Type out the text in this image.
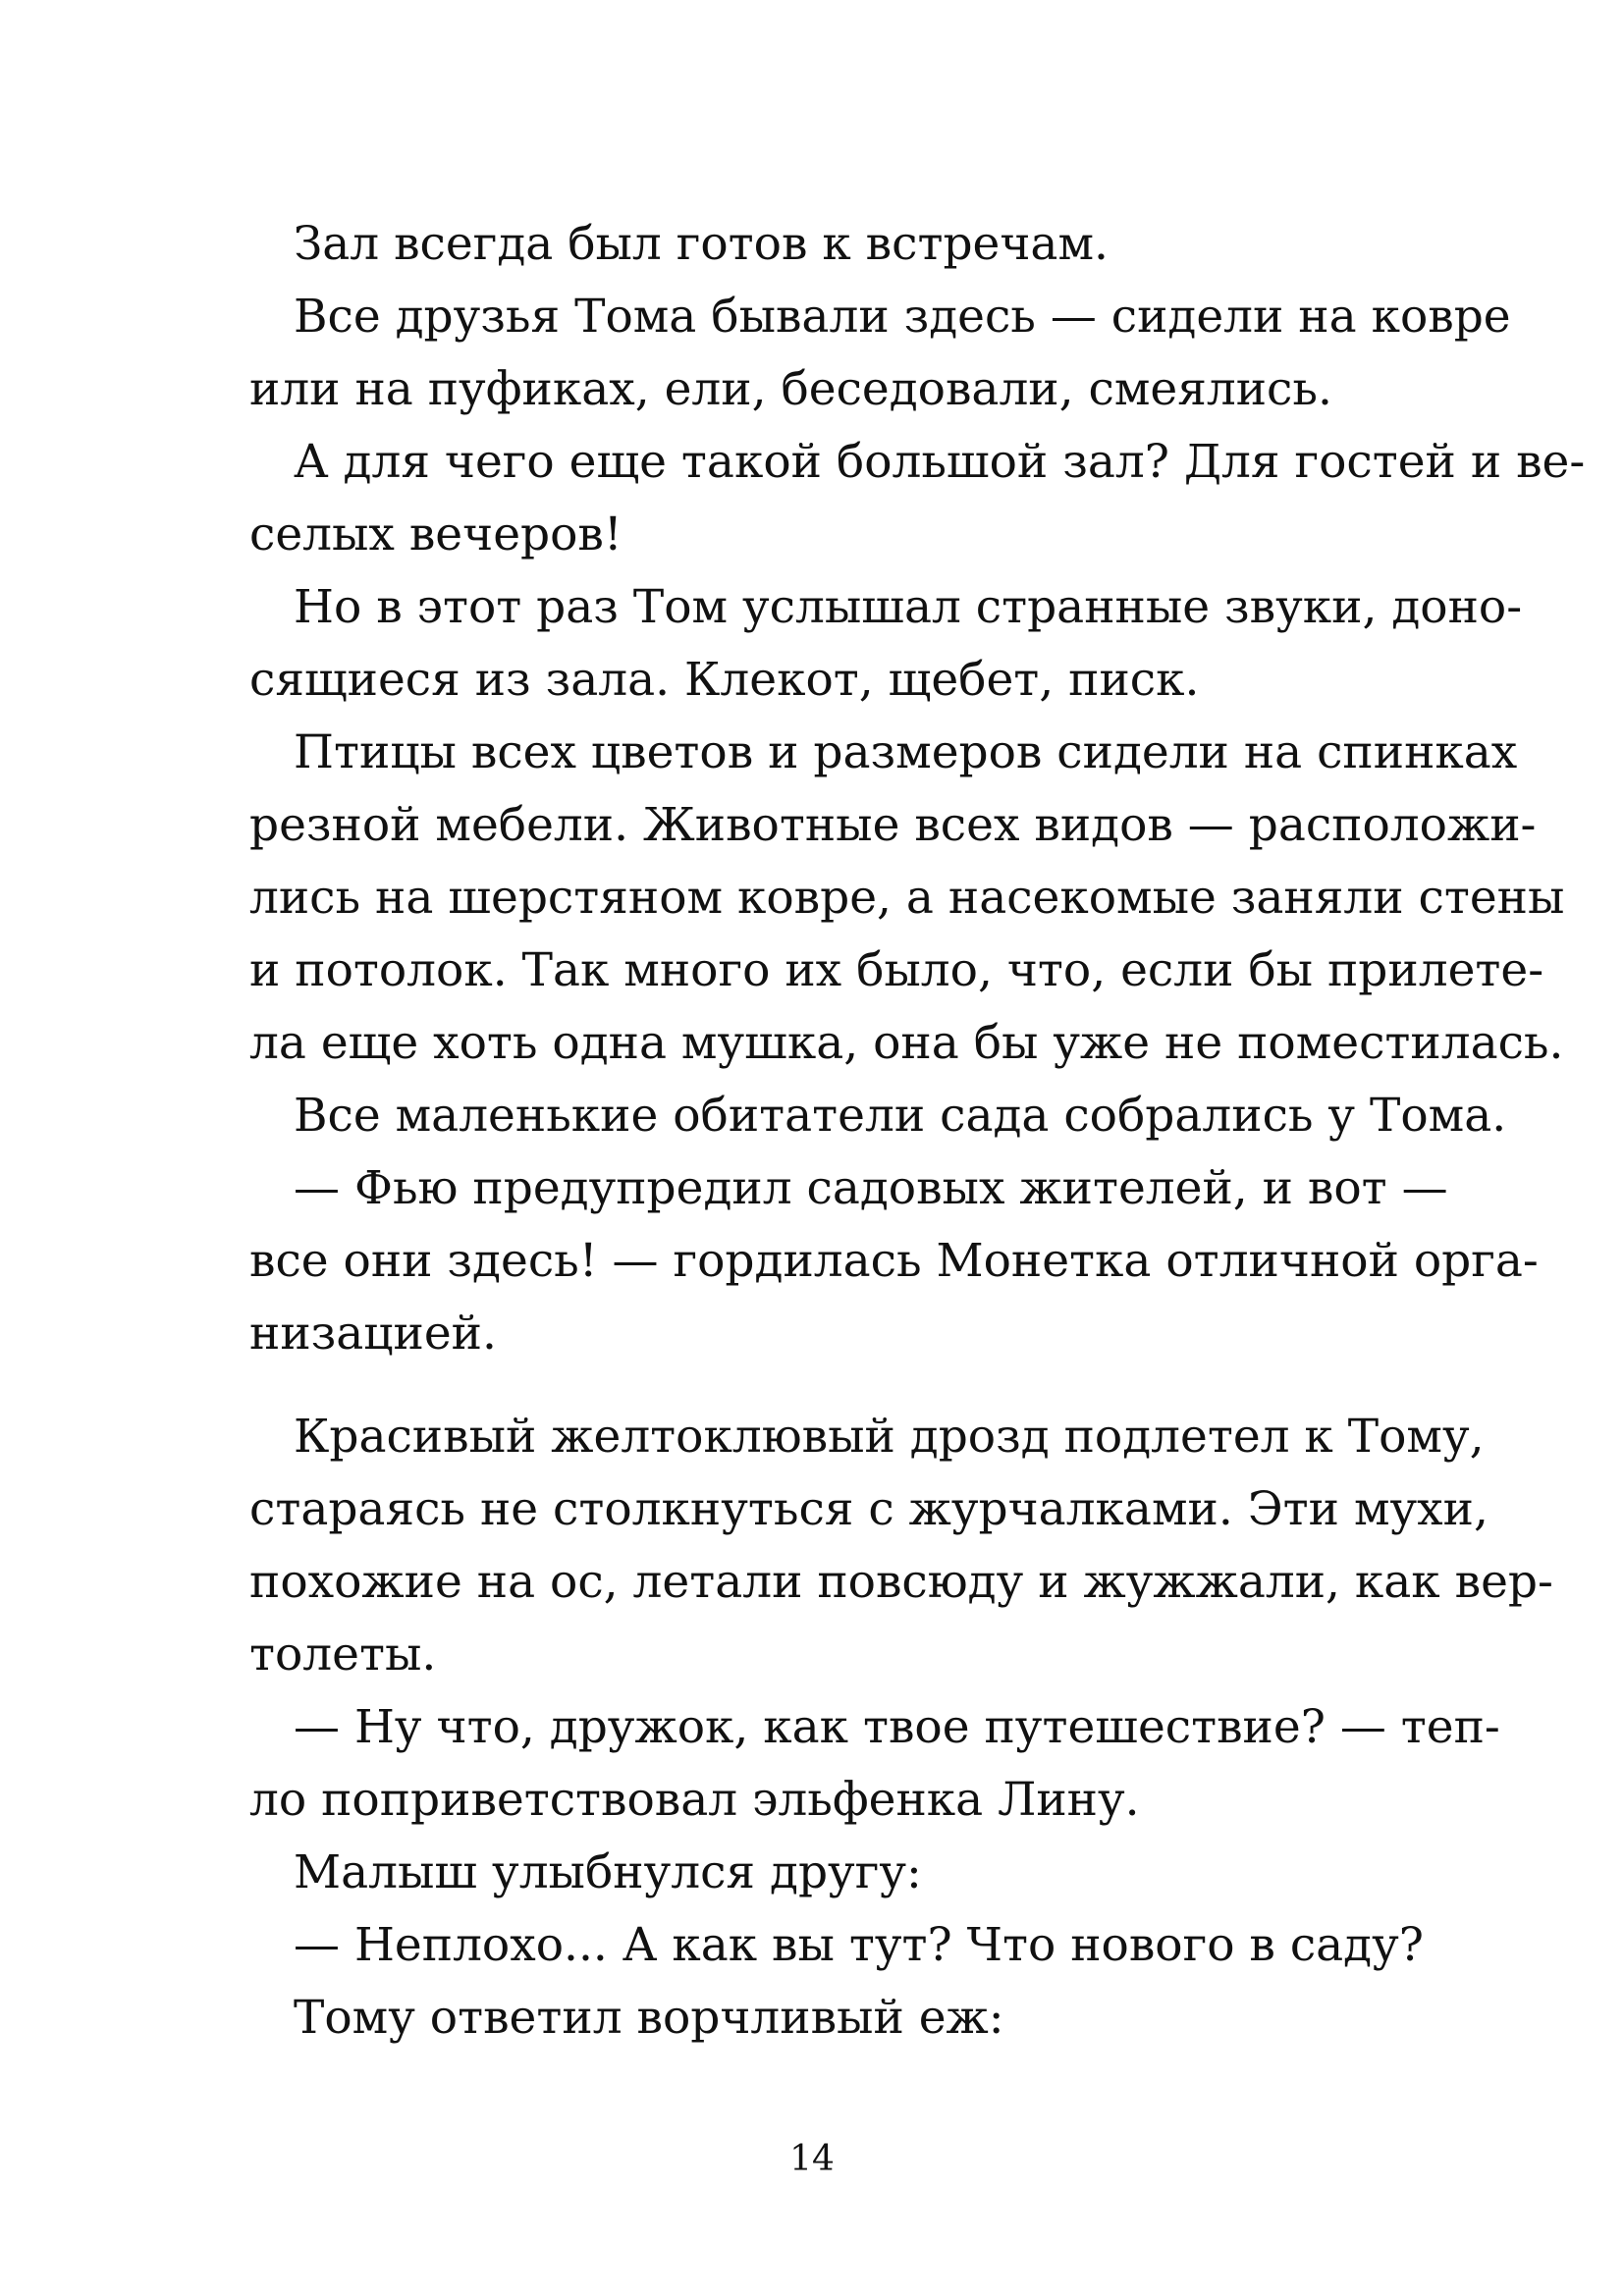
Зал всегда был готов к встречам.

Все друзья Тома бывали здесь — сидели на ковре
или на пуфиках, ели, беседовали, смеялись.

А для чего еще такой большой зал? Для гостей и ве-
селых вечеров!

Но в этот раз Том услышал странные звуки, доно-
сящиеся из зала. Клекот, щебет, писк.

Птицы всех цветов и размеров сидели на спинках
резной мебели. Животные всех видов — расположи-
лись на шерстяном ковре, а насекомые заняли стены
и потолок. Так много их было, что, если бы прилете-
ла еще хоть одна мушка, она бы уже не поместилась.

Все маленькие обитатели сада собрались у Тома.

— Фью предупредил садовых жителей, и вот —
все они здесь! — гордилась Монетка отличной орга-
низацией.

Красивый желтоклювый дрозд подлетел к Тому,
стараясь не столкнуться с журчалками. Эти мухи,
похожие на ос, летали повсюду и жужжали, как вер-
толеты.

— Ну что, дружок, как твое путешествие? — теп-
ло поприветствовал эльфенка Лину.

Малыш улыбнулся другу:

— Неплохо... А как вы тут? Что нового в саду?

Тому ответил ворчливый еж:

14
